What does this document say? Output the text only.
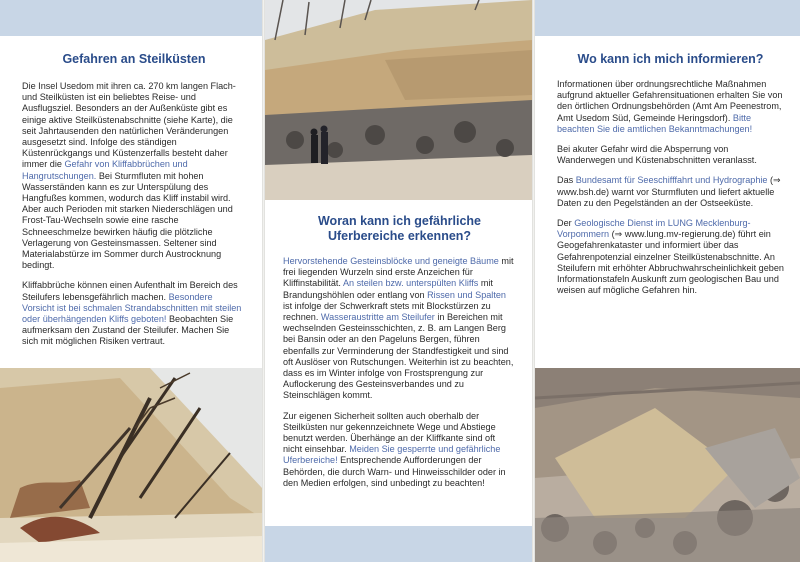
Gefahren an Steilküsten

Die Insel Usedom mit ihren ca. 270 km langen Flach- und Steilküsten ist ein beliebtes Reise- und Ausflugsziel. Besonders an der Außenküste gibt es einige aktive Steilküstenabschnitte (siehe Karte), die seit Jahrtausenden den natürlichen Veränderungen ausgesetzt sind. Infolge des ständigen Küstenrückgangs und Küstenzerfalls besteht daher immer die Gefahr von Kliffabbrüchen und Hangrutschungen. Bei Sturmfluten mit hohen Wasserständen kann es zur Unterspülung des Hangfußes kommen, wodurch das Kliff instabil wird. Aber auch Perioden mit starken Niederschlägen und Frost-Tau-Wechseln sowie eine rasche Schneeschmelze bewirken häufig die plötzliche Verlagerung von Gesteinsmassen. Seltener sind Materialabstürze im Sommer durch Austrocknung bedingt.

Kliffabbrüche können einen Aufenthalt im Bereich des Steilufers lebensgefährlich machen. Besondere Vorsicht ist bei schmalen Strandabschnitten mit steilen oder überhängenden Kliffs geboten! Beobachten Sie aufmerksam den Zustand der Steilufer. Machen Sie sich mit möglichen Risiken vertraut.

Woran kann ich gefährliche Uferbereiche erkennen?

Hervorstehende Gesteinsblöcke und geneigte Bäume mit frei liegenden Wurzeln sind erste Anzeichen für Kliffinstabilität. An steilen bzw. unterspülten Kliffs mit Brandungshöhlen oder entlang von Rissen und Spalten ist infolge der Schwerkraft stets mit Blockstürzen zu rechnen. Wasseraustritte am Steilufer in Bereichen mit wechselnden Gesteinsschichten, z. B. am Langen Berg bei Bansin oder an den Pageluns Bergen, führen ebenfalls zur Verminderung der Standfestigkeit und sind oft Auslöser von Rutschungen. Weiterhin ist zu beachten, dass es im Winter infolge von Frostsprengung zur Auflockerung des Gesteinsverbandes und zu Steinschlägen kommt.

Zur eigenen Sicherheit sollten auch oberhalb der Steilküsten nur gekennzeichnete Wege und Abstiege benutzt werden. Überhänge an der Kliffkante sind oft nicht einsehbar. Meiden Sie gesperrte und gefährliche Uferbereiche! Entsprechende Aufforderungen der Behörden, die durch Warn- und Hinweisschilder oder in den Medien erfolgen, sind unbedingt zu beachten!

Wo kann ich mich informieren?

Informationen über ordnungsrechtliche Maßnahmen aufgrund aktueller Gefahrensituationen erhalten Sie von den örtlichen Ordnungsbehörden (Amt Am Peenestrom, Amt Usedom Süd, Gemeinde Heringsdorf). Bitte beachten Sie die amtlichen Bekanntmachungen!

Bei akuter Gefahr wird die Absperrung von Wanderwegen und Küstenabschnitten veranlasst.

Das Bundesamt für Seeschifffahrt und Hydrographie (⇒ www.bsh.de) warnt vor Sturmfluten und liefert aktuelle Daten zu den Pegelständen an der Ostseeküste.

Der Geologische Dienst im LUNG Mecklenburg-Vorpommern (⇒ www.lung.mv-regierung.de) führt ein Geogefahrenkataster und informiert über das Gefahrenpotenzial einzelner Steilküstenabschnitte. An Steilufern mit erhöhter Abbruchwahrscheinlichkeit geben Informationstafeln Auskunft zum geologischen Bau und weisen auf mögliche Gefahren hin.
